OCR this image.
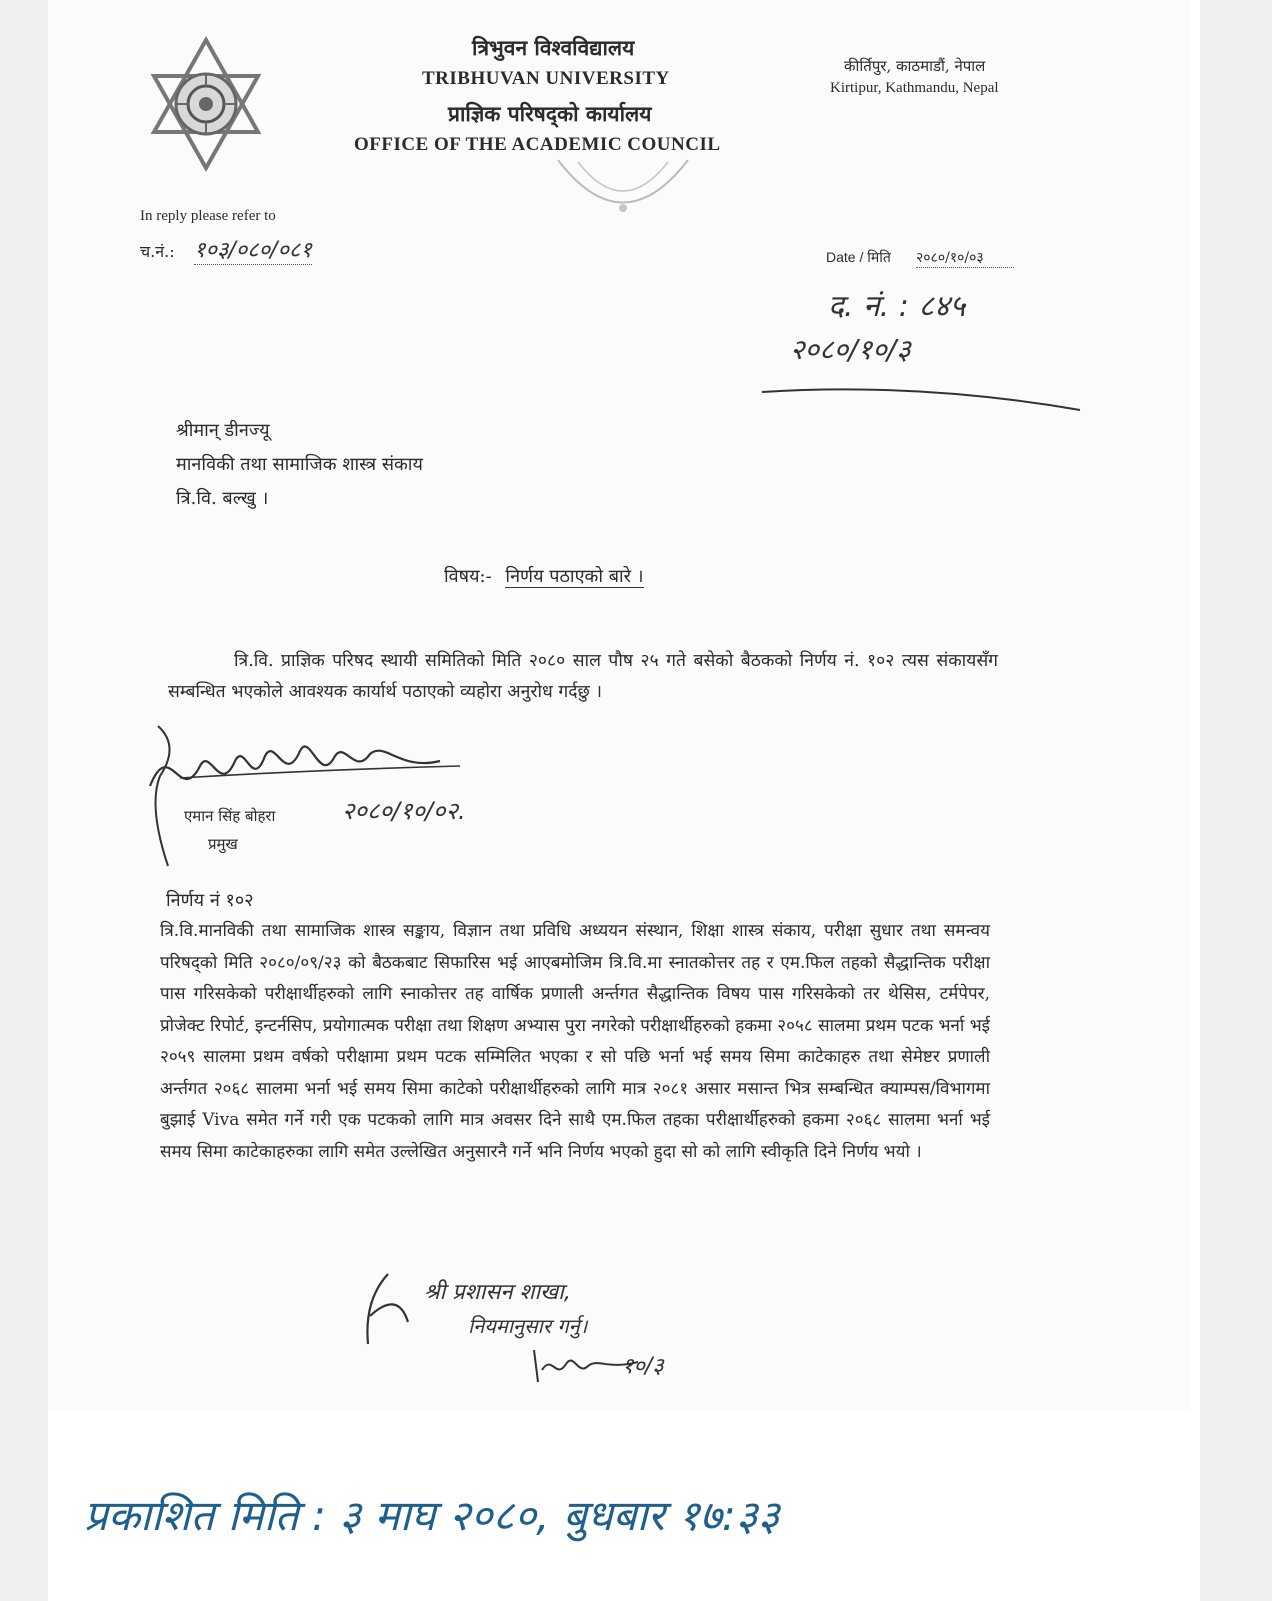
त्रिभुवन विश्वविद्यालय
TRIBHUVAN UNIVERSITY
प्राज्ञिक परिषद्को कार्यालय
OFFICE OF THE ACADEMIC COUNCIL
कीर्तिपुर, काठमाडौं, नेपाल
Kirtipur, Kathmandu, Nepal
In reply please refer to
च.नं.: १०३/०८०/०८१	Date / मिति २०८०/१०/०३
द. नं. : ८४५
२०८०/१०/३
श्रीमान् डीनज्यू
मानविकी तथा सामाजिक शास्त्र संकाय
त्रि.वि. बल्खु ।
विषय:- निर्णय पठाएको बारे ।
त्रि.वि. प्राज्ञिक परिषद स्थायी समितिको मिति २०८० साल पौष २५ गते बसेको बैठकको निर्णय नं. १०२ त्यस संकायसँग सम्बन्धित भएकोले आवश्यक कार्यार्थ पठाएको व्यहोरा अनुरोध गर्दछु ।
एमान सिंह बोहरा
प्रमुख
२०८०/१०/०२.
निर्णय नं १०२
त्रि.वि.मानविकी तथा सामाजिक शास्त्र सङ्काय, विज्ञान तथा प्रविधि अध्ययन संस्थान, शिक्षा शास्त्र संकाय, परीक्षा सुधार तथा समन्वय परिषद्को मिति २०८०/०९/२३ को बैठकबाट सिफारिस भई आएबमोजिम त्रि.वि.मा स्नातकोत्तर तह र एम.फिल तहको सैद्धान्तिक परीक्षा पास गरिसकेको परीक्षार्थीहरुको लागि स्नाकोत्तर तह वार्षिक प्रणाली अर्न्तगत सैद्धान्तिक विषय पास गरिसकेको तर थेसिस, टर्मपेपर, प्रोजेक्ट रिपोर्ट, इन्टर्नसिप, प्रयोगात्मक परीक्षा तथा शिक्षण अभ्यास पुरा नगरेको परीक्षार्थीहरुको हकमा २०५८ सालमा प्रथम पटक भर्ना भई २०५९ सालमा प्रथम वर्षको परीक्षामा प्रथम पटक सम्मिलित भएका र सो पछि भर्ना भई समय सिमा काटेकाहरु तथा सेमेष्टर प्रणाली अर्न्तगत २०६८ सालमा भर्ना भई समय सिमा काटेको परीक्षार्थीहरुको लागि मात्र २०८१ असार मसान्त भित्र सम्बन्धित क्याम्पस/विभागमा बुझाई Viva समेत गर्ने गरी एक पटकको लागि मात्र अवसर दिने साथै एम.फिल तहका परीक्षार्थीहरुको हकमा २०६८ सालमा भर्ना भई समय सिमा काटेकाहरुका लागि समेत उल्लेखित अनुसारनै गर्ने भनि निर्णय भएको हुदा सो को लागि स्वीकृति दिने निर्णय भयो ।
श्री प्रशासन शाखा,
नियमानुसार गर्नु।
१०/३
प्रकाशित मिति : ३ माघ २०८०, बुधबार १७:३३
